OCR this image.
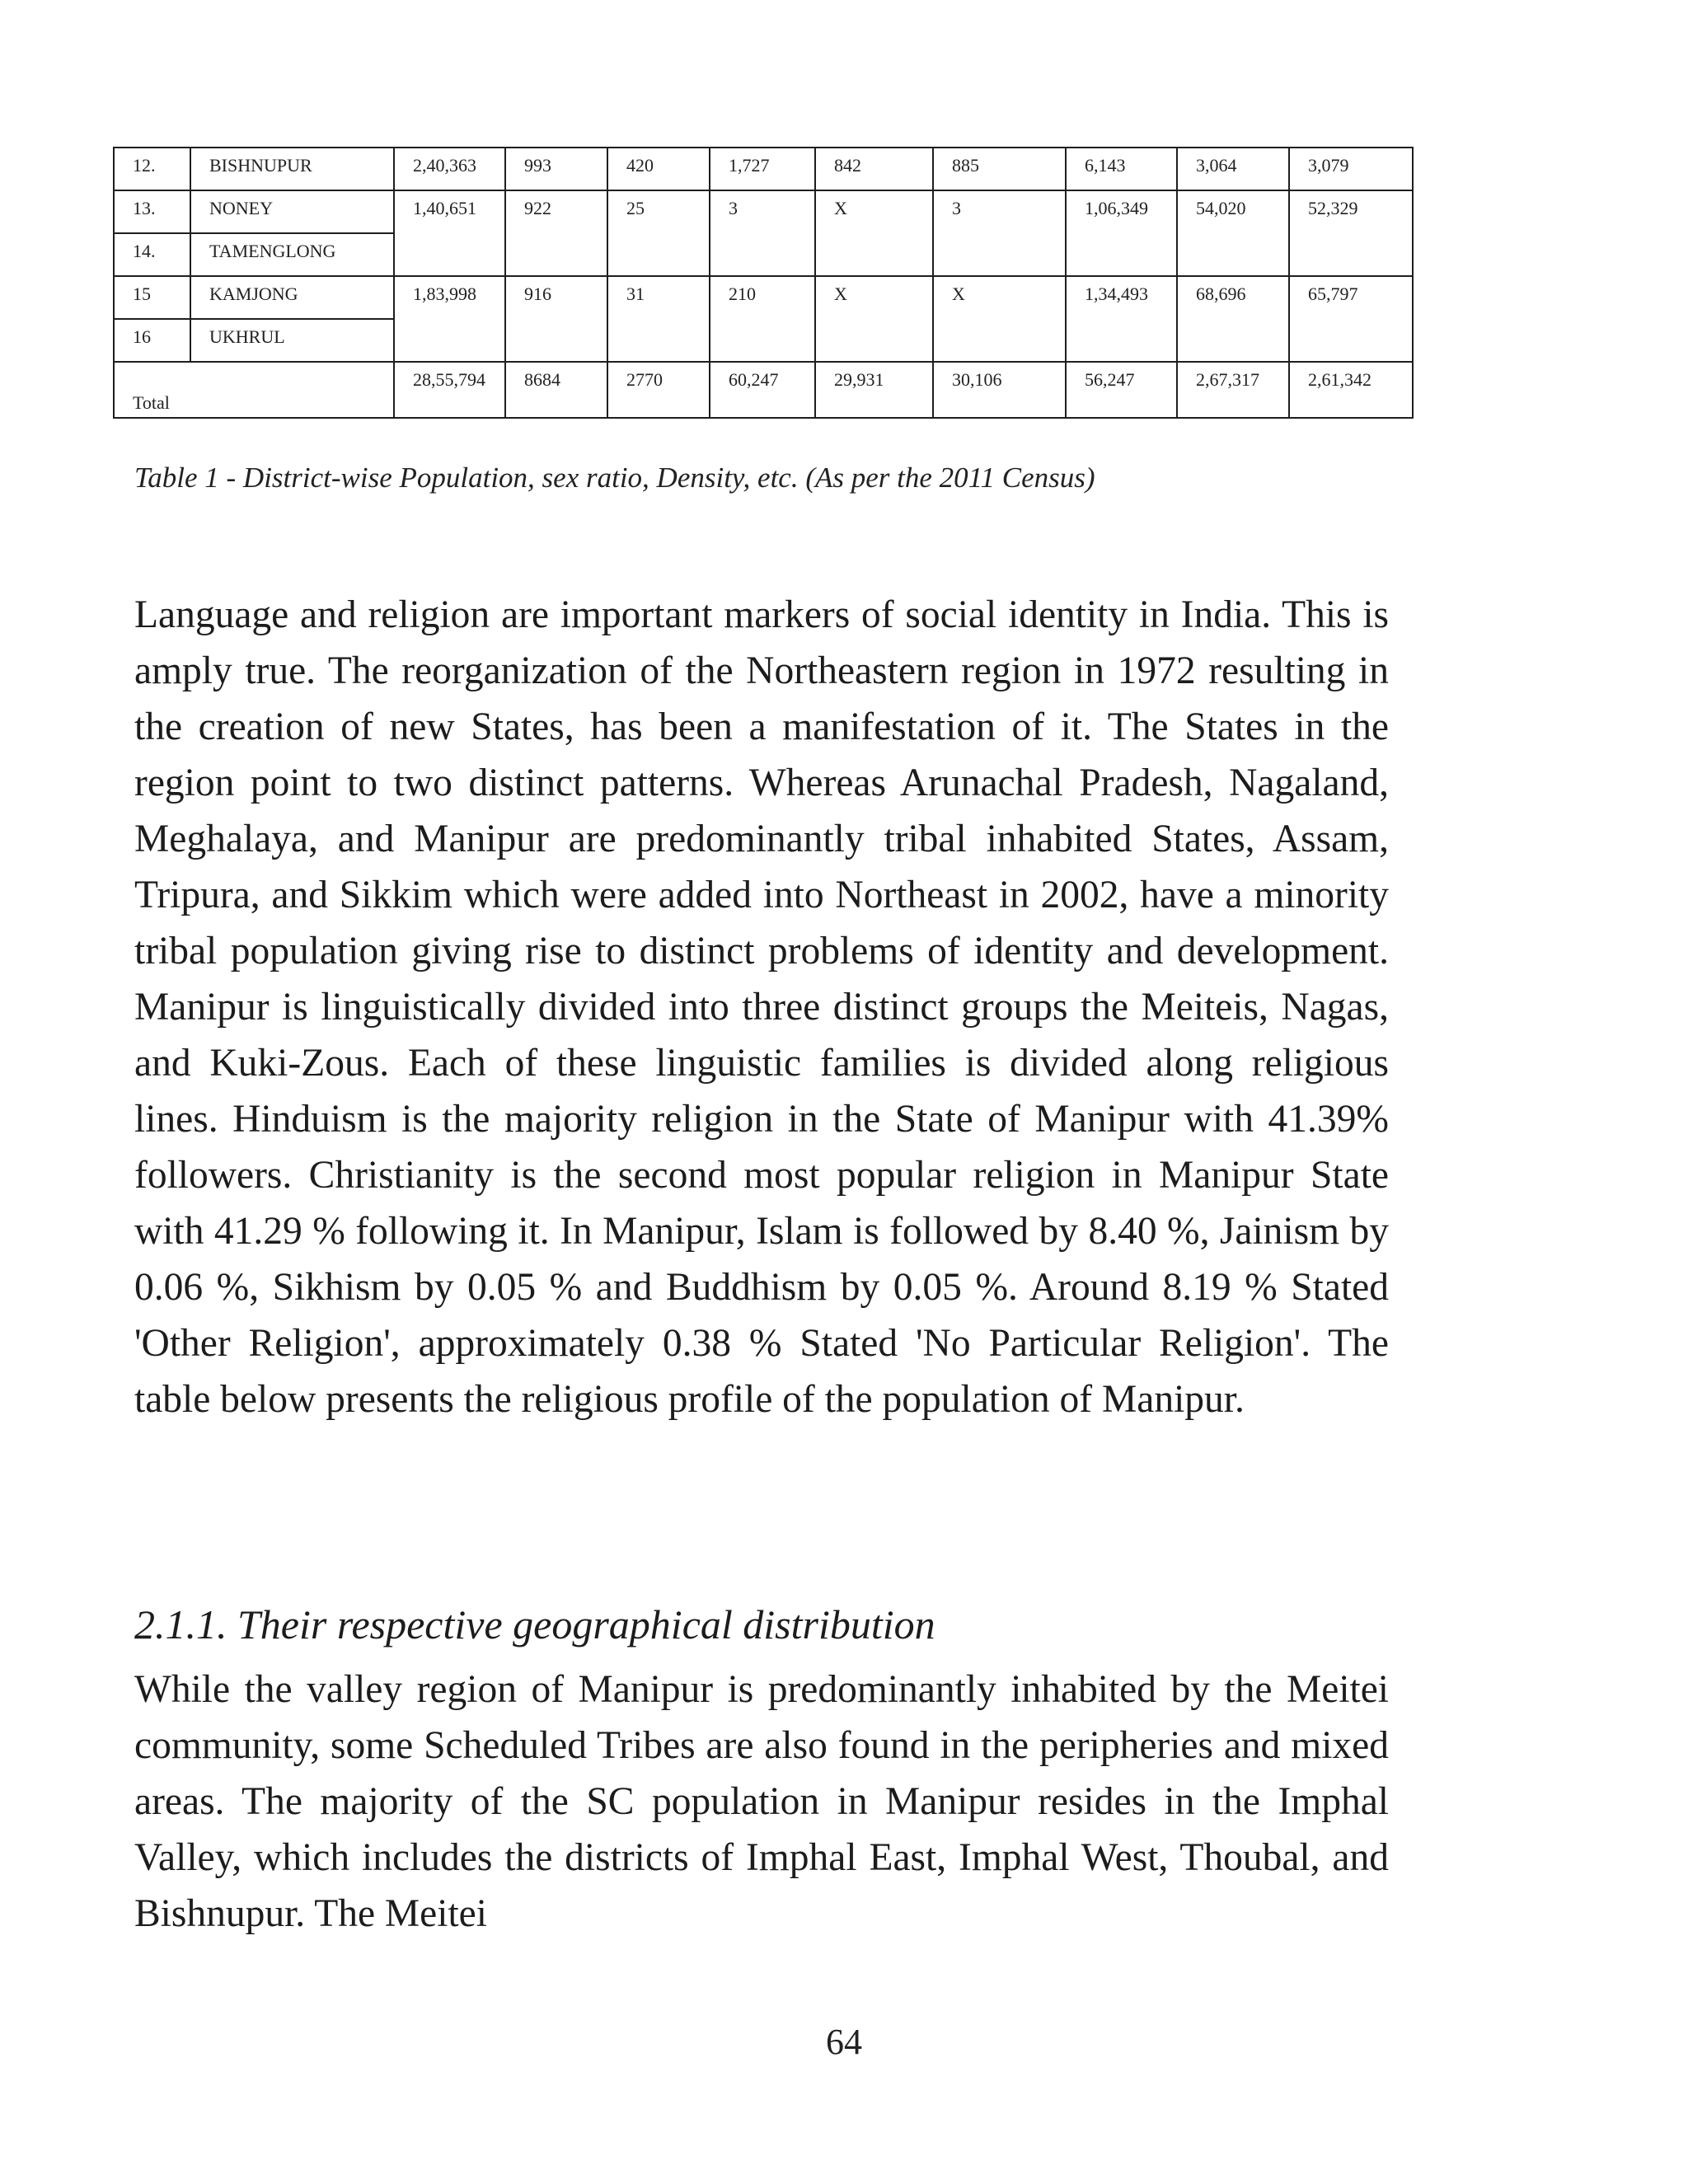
12.	BISHNUPUR	2,40,363	993	420	1,727	842	885	6,143	3,064	3,079
13.	NONEY	1,40,651	922	25	3	X	3	1,06,349	54,020	52,329
14.	TAMENGLONG									
15	KAMJONG	1,83,998	916	31	210	X	X	1,34,493	68,696	65,797
16	UKHRUL									
Total		28,55,794	8684	2770	60,247	29,931	30,106	56,247	2,67,317	2,61,342
Table 1 - District-wise Population, sex ratio, Density, etc. (As per the 2011 Census)

Language and religion are important markers of social identity in India. This is amply true. The reorganization of the Northeastern region in 1972 resulting in the creation of new States, has been a manifestation of it. The States in the region point to two distinct patterns. Whereas Arunachal Pradesh, Nagaland, Meghalaya, and Manipur are predominantly tribal inhabited States, Assam, Tripura, and Sikkim which were added into Northeast in 2002, have a minority tribal population giving rise to distinct problems of identity and development. Manipur is linguistically divided into three distinct groups the Meiteis, Nagas, and Kuki-Zous. Each of these linguistic families is divided along religious lines. Hinduism is the majority religion in the State of Manipur with 41.39% followers. Christianity is the second most popular religion in Manipur State with 41.29 % following it. In Manipur, Islam is followed by 8.40 %, Jainism by 0.06 %, Sikhism by 0.05 % and Buddhism by 0.05 %. Around 8.19 % Stated 'Other Religion', approximately 0.38 % Stated 'No Particular Religion'. The table below presents the religious profile of the population of Manipur.

2.1.1. Their respective geographical distribution

While the valley region of Manipur is predominantly inhabited by the Meitei community, some Scheduled Tribes are also found in the peripheries and mixed areas. The majority of the SC population in Manipur resides in the Imphal Valley, which includes the districts of Imphal East, Imphal West, Thoubal, and Bishnupur. The Meitei

64
